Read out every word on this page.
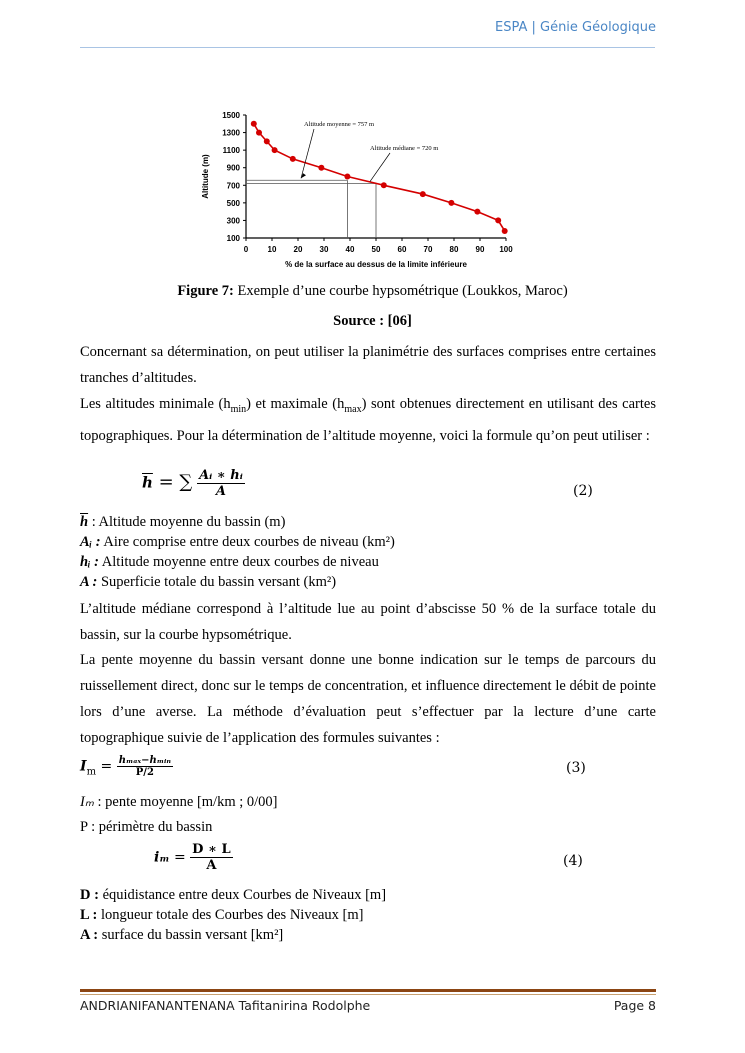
ESPA | Génie Géologique
100
300
500
700
900
1100
1300
1500
0 10 20 30 40 50 60 70 80 90 100
% de la surface au dessus de la limite inférieure
Altitude (m)
Altitude moyenne = 757 m
Altitude médiane = 720 m
Figure 7: Exemple d’une courbe hypsométrique (Loukkos, Maroc)
Source : [06]
Concernant sa détermination, on peut utiliser la planimétrie des surfaces comprises entre certaines tranches d’altitudes.
Les altitudes minimale $(h_{min})$ et maximale $(h_{max})$ sont obtenues directement en utilisant des cartes topographiques. Pour la détermination de l’altitude moyenne, voici la formule qu’on peut utiliser :
$\overline{h}$ = ∑ Aᵢ ∗ hᵢ
A	(2)
$\overline{h}$ : Altitude moyenne du bassin (m)
Aᵢ : Aire comprise entre deux courbes de niveau (km²)
hᵢ : Altitude moyenne entre deux courbes de niveau
A : Superficie totale du bassin versant (km²)
L’altitude médiane correspond à l’altitude lue au point d’abscisse 50 % de la surface totale du bassin, sur la courbe hypsométrique.
La pente moyenne du bassin versant donne une bonne indication sur le temps de parcours du ruissellement direct, donc sur le temps de concentration, et influence directement le débit de pointe lors d’une averse. La méthode d’évaluation peut s’effectuer par la lecture d’une carte topographique suivie de l’application des formules suivantes :
$I_m$ = hₘₐₓ−hₘᵢₙ
P/2	(3)
Iₘ : pente moyenne [m/km ; 0/00]
P : périmètre du bassin
iₘ = D ∗ L
A	(4)
D : équidistance entre deux Courbes de Niveaux [m]
L : longueur totale des Courbes des Niveaux [m]
A : surface du bassin versant [km²]
ANDRIANIFANANTENANA Tafitanirina Rodolphe	Page 8
